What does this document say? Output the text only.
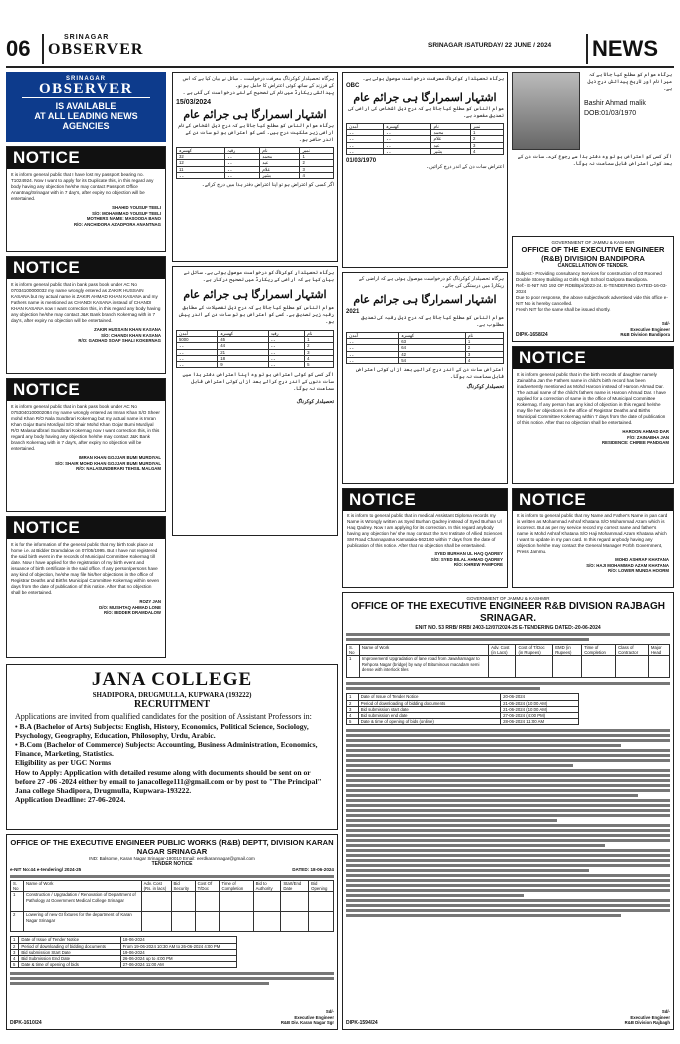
06	SRINAGAR
OBSERVER	SRINAGAR /SATURDAY/ 22 JUNE / 2024	NEWS
SRINAGAR
OBSERVER
IS AVAILABLE
AT ALL LEADING NEWS
AGENCIES
NOTICE
It is inform general public that I have lost my passport bearing no. T1024924. Now I want to apply for its Duplicate this, in this regard any body having any objection he/she may contact Passport Office Anantnag/Srinagar with in 7 day's, after expiry no objection will be entertained.
SHAHID YOUSUF TEELI
S/O: MOHAMMAD YOUSUF TEELI
MOTHERS NAME: MASOODA BANO
R/O: ANCHIDORA AZADPORA ANANTNAG
NOTICE
It is inform general public that in bank pass book under AC No 07034100000032 my name wrongly entered as ZAKIR HUSSAIN KASANA but my actual name is ZAKIR AHMAD KHAN KASANA and my Fathers name is mentioned as CHANDI KASANA instead of CHANDI KHAN KASANA now I want correction this, in this regard any body having any objection he/she may contact J&K Bank branch Kokernag with in 7 day's, after expiry no objection will be entertained.
ZAKIR HUSSAIN KHAN KASANA
S/O: CHANDI KHAN KASANA
R/O: GADHAD SOAF SHALI KOKERNAG
NOTICE
It is inform general public that in bank pass book under AC No 0753040100002084 my name wrongly entered as Imran Khan S/O Sheer mohd Khan R/O Nala Sundbrari Kokernag but my actual name is Imran Khan Gojar Bumi Mordiyal S/O Shair Mohd Khan Gojar Bumi Murdiyal R/O Malasundbrari Sundbrari Kokernag now I want correction this, in this regard any body having any objection he/she may contact J&K Bank branch Kokernag with in 7 day's, after expiry no objection will be entertained.
IMRAN KHAN GOJJAR BUMI MURDIYAL
S/O: SHAIR MOHD KHAN GOJJAR BUMI MURDIYAL
R/O: NALASUNDBRARI TEHSIL MALGAM
NOTICE
It is for the information of the general public that my birth took place at home i.e. at Bidder Dramdalow on 07/05/1995. But I have not registered the said birth event in the records of Municipal Committee Kokernag till date. Now I have applied for the registration of my birth event and issuance of birth certificate in the said office. If any person/persons have any kind of objection, he/she may file his/her objections in the office of Registrar Deaths and Births Municipal Committee Kokernag within seven days from the date of publication of this notice. After that no objection shall be entertained.
ROZY JAN
D/O: MUSHTAQ AHMAD LONE
R/O: BIDDER DRAMDALOW
ہرگاہ تحصیلدار کوکرناگ معرفت درخواست ۔ سائل نے بیان کیا ہے کہ اس کے فرزند کے ساتھ کوئی اعتراض کا حامل ہو تو۔
پیدائشی ریکارڈ میں نام کی تصحیح کے لئے درخواست کی گئی ہے ۔
15/03/2024
اشتہار اسمرارگا ہی جرائم عام
ہرگاہ عوام الناس کو مطلع کیا جاتا ہے کہ درج ذیل اشخاص کے نام اراضی زیر ملکیت درج ہیں۔ کسی کو اعتراض ہو تو سات دن کے اندر حاضر ہو۔
کھسرہ	رقبہ	نام	نمبر
32	۔۔	محمد	1
12	۔۔	عبد	2
11	۔۔	غلام	3
۔۔	۔۔	بشیر	4
اگر کسی کو اعتراض ہو تو اپنا اعتراض دفتر ہذا میں درج کرائے۔
ہرگاہ تحصیلدار کوکرناگ کو درخواست موصول ہوئی ہے۔ سائل نے بیان کیا ہے کہ اراضی کے ریکارڈ میں تصحیح درکار ہے۔
اشتہار اسمرارگا ہی جرائم عام
عوام الناس کو مطلع کیا جاتا ہے کہ درج ذیل تفصیلات کے مطابق رقبہ زیر تصدیق ہے۔ کسی کو اعتراض ہو تو سات دن کے اندر پیش ہو۔
آمدن	کھسرہ	رقبہ	نام
5000	45	۔۔	1
۔۔	44	۔۔	2
۔۔	21	۔۔	3
۔۔	18	۔۔	4
۔۔	9	۔۔	5
اگر کسی کو کوئی اعتراض ہو تو وہ اپنا اعتراض دفتر ہذا میں سات دنوں کے اندر درج کرائے بعد ازاں کوئی اعتراض قابل سماعت نہ ہوگا۔
تحصیلدار کوکرناگ
ہرگاہ تحصیلدار کوکرناگ معرفت درخواست موصول ہوئی ہے۔
OBC
اشتہار اسمرارگا ہی جرائم عام
عوام الناس کو مطلع کیا جاتا ہے کہ درج ذیل اشخاص کی اراضی کی تصدیق مقصود ہے۔
آمدن	کھسرہ	نام	نمبر
۔۔	۔۔	محمد	1
۔۔	۔۔	غلام	2
۔۔	۔۔	عبد	3
۔۔	۔۔	بشیر	4
01/03/1970
اعتراض سات دن کے اندر درج کرائیں۔
ہرگاہ تحصیلدار کوکرناگ کو درخواست موصول ہوئی ہے کہ اراضی کے ریکارڈ میں درستگی کی جائے۔
اشتہار اسمرارگا ہی جرائم عام
2021
عوام الناس کو مطلع کیا جاتا ہے کہ درج ذیل رقبہ کی تصدیق مطلوب ہے۔
آمدن	کھسرہ	نام
۔۔	63	1
۔۔	64	2
۔۔	42	3
۔۔	54	4
اعتراض سات دن کے اندر درج کرائیں بعد ازاں کوئی اعتراض قابل سماعت نہ ہوگا۔
تحصیلدار کوکرناگ
ہرگاہ عوام کو مطلع کیا جاتا ہے کہ میرا نام اور تاریخ پیدائش درج ذیل ہے۔
Bashir Ahmad malik
DOB:01/03/1970
اگر کسی کو اعتراض ہو تو وہ دفتر ہذا سے رجوع کرے۔ سات دن کے بعد کوئی اعتراض قابل سماعت نہ ہوگا۔
GOVERNMENT OF JAMMU & KASHMIR
OFFICE OF THE EXECUTIVE ENGINEER (R&B) DIVISION BANDIPORA
CANCELLATION OF TENDER.
Subject:- Providing consultancy Services for construction of 03 Roomed Double Storey Building at Girls High School Gazipora Bandipora.
Ref:- E-NIT NO 192 OF RDB/Bpr/2023-24. E-TENDERING DATED-16-03-2024
Due to poor response, the above subject/work advertised vide this office e-NIT No is hereby cancelled.
Fresh NIT for the same shall be issued shortly.
DIPK-1658/24
Sd/-
Executive Engineer
R&B Division Bandipora
NOTICE
It is inform general public that in the birth records of daughter namely Zainabha Jan the Fathers name in child's birth record has been inadvertently mentioned as Mohd Haroon instead of Haroon Ahmad Dar. The actual name of the child's fathers name is Haroon Ahmad Dar. I have applied for a correction of same in the office of Municipal Committee Kokernag. If any person has any kind of objection in this regard he/she may file her objections in the office of Registrar Deaths and Births Municipal Committee Kokernag within 7 days from the date of publication of this notice. After that no objection shall be entertained.
HAROON AHMAD DAR
F/O: ZAINABHA JAN
RESIDENCE: CHIREE PANDGAM
NOTICE
It is inform to general public that in medical Assistant Diploma records my Name is Wrongly written as Syed Burhan Qadrey instead of Syed Burhan Ul Haq Qadrey. Now I am applying for its correction. In this regard anybody having any objection he/ she may contact the SAI Institute of Allied Sciences SM Road Channapatna Karnataka-562160 within 7 days from the date of publication of this notice. After that no objection shall be entertained.
SYED BURHAN UL HAQ QADREY
S/O: SYED BILAL AHMAD QADREY
R/O: KHREW PAMPORE
NOTICE
It is inform to general public that my Name and Father's Name in pan card is written as Mohammad Ashraf Khatana S/O Mohammad Azam which is incorrect. But as per my service record my correct name and father's name is Mohd Ashraf Khatana S/O Haji Mohammad Azam Khatana which I want to update in my pan card. In this regard anybody having any objection he/she may contact the General Manager Pcrbh Government, Press Jammu.
MOHD ASHRAF KHATANA
S/O: HAJI MOHAMMAD AZAM KHATANA
R/O: LOWER MUNDA HOORM
JANA COLLEGE
SHADIPORA, DRUGMULLA, KUPWARA (193222)
RECRUITMENT
Applications are invited from qualified candidates for the position of Assistant Professors in:
• B.A (Bachelor of Arts) Subjects: English, History, Economics, Political Science, Sociology, Psychology, Geography, Education, Philosophy, Urdu, Arabic.
• B.Com (Bachelor of Commerce) Subjects: Accounting, Business Administration, Economics, Finance, Marketing, Statistics.
Eligibility as per UGC Norms
How to Apply: Application with detailed resume along with documents should be sent on or before 27 -06 -2024 either by email to janacollege111@gmail.com or by post to "The Principal" Jana college Shadipora, Drugmulla, Kupwara-193222.
Application Deadline: 27-06-2024.
OFFICE OF THE EXECUTIVE ENGINEER PUBLIC WORKS (R&B) DEPTT, DIVISION KARAN NAGAR SRINAGAR
IND: Balsome, Karan Nagar Srinagar-190010 Email: eerdkarannagar@gmail.com
TENDER NOTICE
e-NIT No:44 e-tendering/ 2024-25	DATED: 18-06-2024
S. No	Name of Work	Adv. Cost (Rs. in lacs)	Bid Security	Cost Of T/Doc	Time of Completion	Bid to Authority	Start/End Date	Bid Opening
1	Construction / Upgradation / Renovation of Department of Pathology at Government Medical College Srinagar							
2	Lowering of new GI fixtures for the department of Karan Nagar Srinagar							
1	Date of Issue of Tender Notice	18-06-2024
2	Period of downloading of bidding documents	From 19-06-2024 10:30 AM to 26-06-2024 4:00 PM
3	Bid submission Start Date	19-06-2024
4	Bid Submission End Date	26-06-2024 up to 4:00 PM
5	Date & time of opening of bids	27-06-2024 11:00 AM
DIPK-1610/24
Sd/-
Executive Engineer
R&B Div. Karan Nagar Sgr
GOVERNMENT OF JAMMU & KASHMIR
OFFICE OF THE EXECUTIVE ENGINEER R&B DIVISION RAJBAGH SRINAGAR.
ENIT NO. 53 RRB/ RRB/ 2403-12/07/2024-25 E-TENDERING DATED:-20-06-2024
S. No	Name of Work	Adv. Cost (in Lacs)	Cost of T/Doc (in Rupees)	EMD (in Rupees)	Time of Completion	Class of Contractor	Major Head
1	Improvement/ Upgradation of lane road from Jawaharnagar to Rehpora Nagar (bridge) by way of Bituminous macadam semi dense with interlock tiles						
1	Date of Issue of Tender Notice	20-06-2024
2	Period of downloading of bidding documents	21-06-2024 (10:00 AM)
3	Bid submission start date	21-06-2024 (10:00 AM)
4	Bid submission end date	27-06-2024 (4:00 PM)
5	Date & time of opening of bids (online)	28-06-2024 11:00 AM
DIPK-1594/24
Sd/-
Executive Engineer
R&B Division Rajbagh
